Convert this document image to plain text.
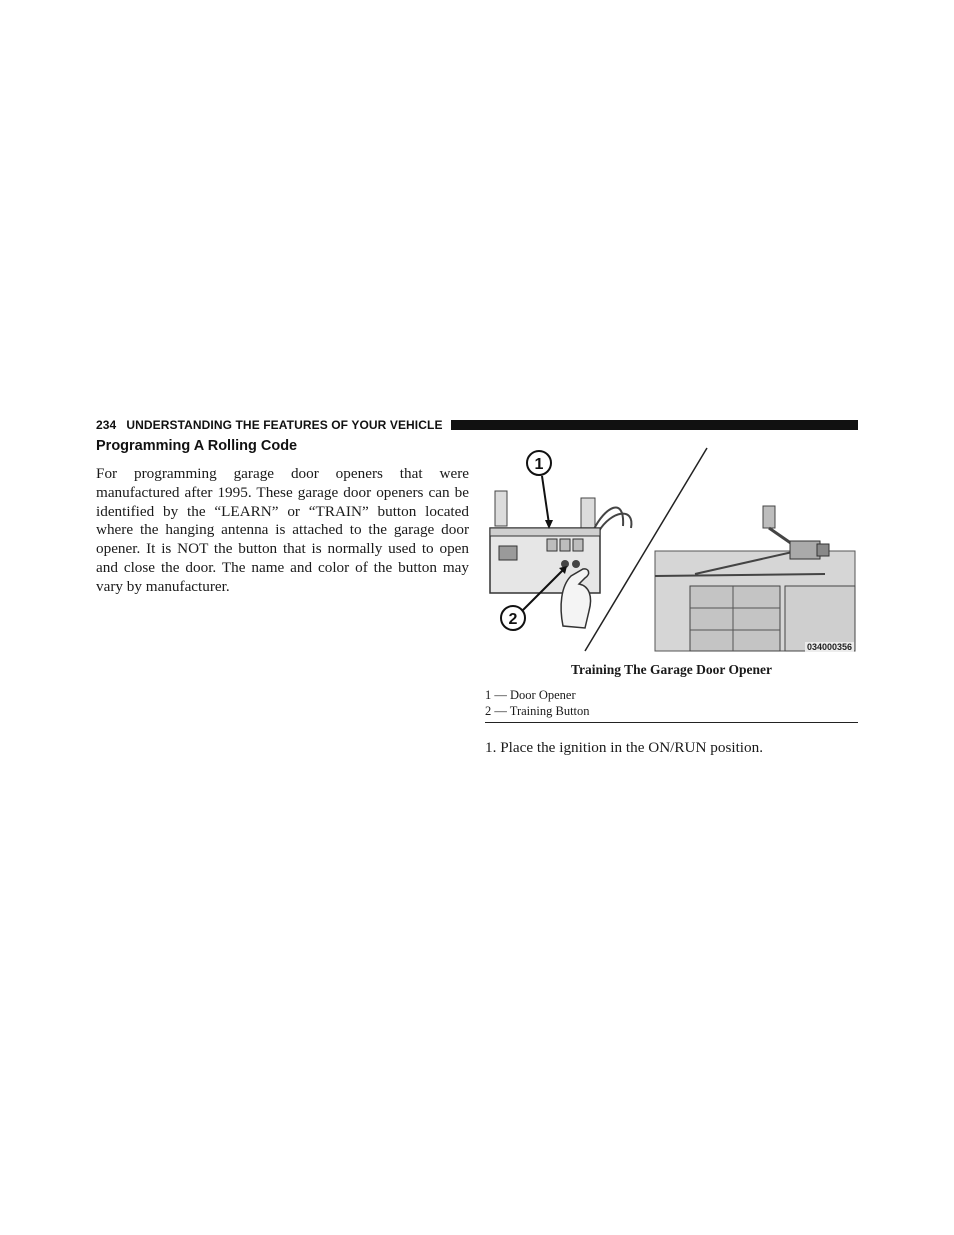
234 UNDERSTANDING THE FEATURES OF YOUR VEHICLE
Programming A Rolling Code

For programming garage door openers that were manufactured after 1995. These garage door openers can be identified by the “LEARN” or “TRAIN” button located where the hanging antenna is attached to the garage door opener. It is NOT the button that is normally used to open and close the door. The name and color of the button may vary by manufacturer.

1
2
034000356
Training The Garage Door Opener
1 — Door Opener
2 — Training Button
1. Place the ignition in the ON/RUN position.
